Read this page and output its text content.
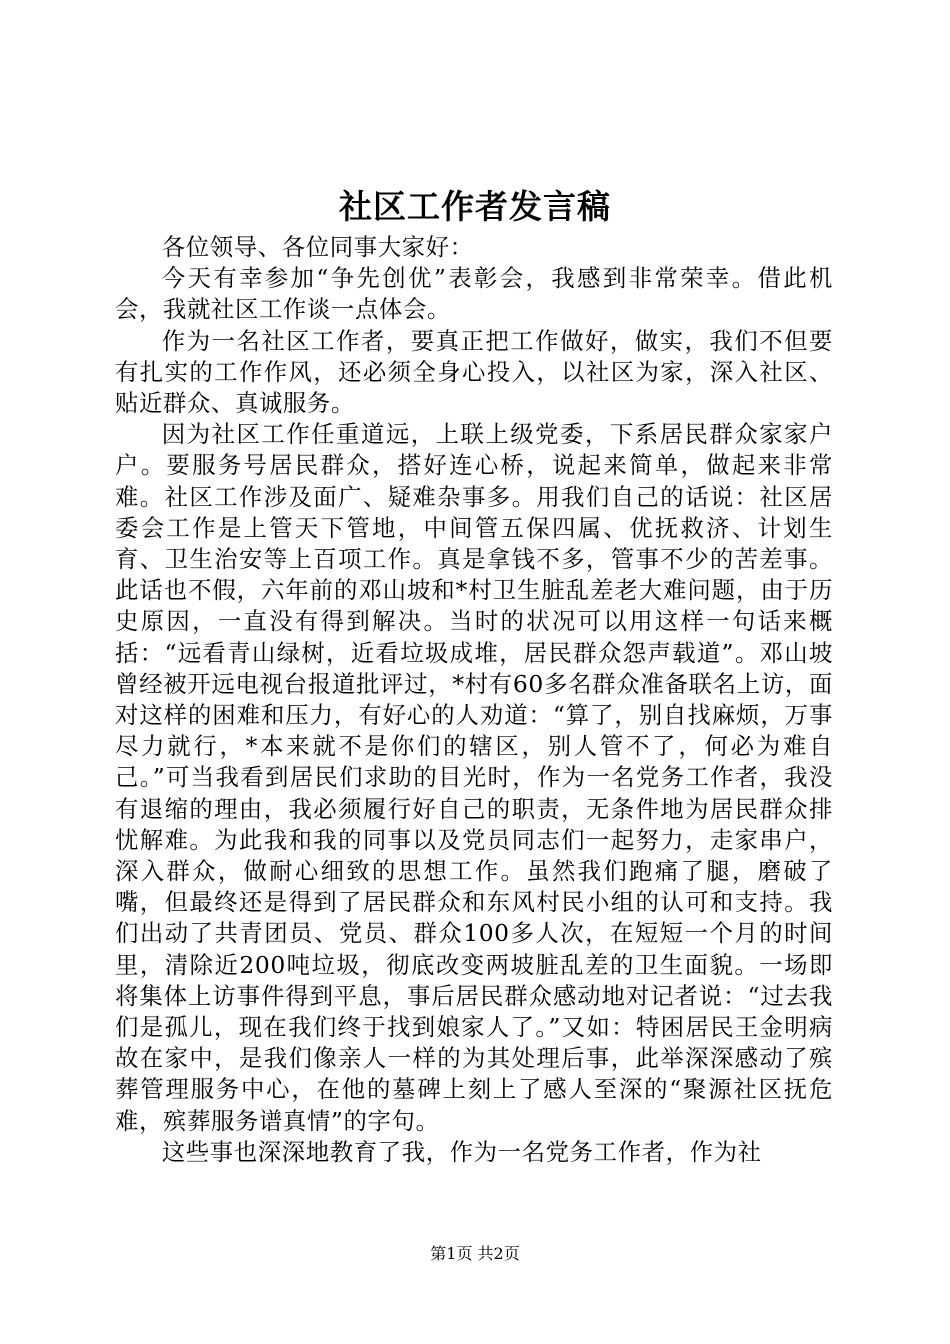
社区工作者发言稿

各位领导、各位同事大家好：

今天有幸参加“争先创优”表彰会，我感到非常荣幸。借此机会，我就社区工作谈一点体会。

作为一名社区工作者，要真正把工作做好，做实，我们不但要有扎实的工作作风，还必须全身心投入，以社区为家，深入社区、贴近群众、真诚服务。

因为社区工作任重道远，上联上级党委，下系居民群众家家户户。要服务号居民群众，搭好连心桥，说起来简单，做起来非常难。社区工作涉及面广、疑难杂事多。用我们自己的话说：社区居委会工作是上管天下管地，中间管五保四属、优抚救济、计划生育、卫生治安等上百项工作。真是拿钱不多，管事不少的苦差事。此话也不假，六年前的邓山坡和*村卫生脏乱差老大难问题，由于历史原因，一直没有得到解决。当时的状况可以用这样一句话来概括：“远看青山绿树，近看垃圾成堆，居民群众怨声载道”。邓山坡曾经被开远电视台报道批评过，*村有60多名群众准备联名上访，面对这样的困难和压力，有好心的人劝道：“算了，别自找麻烦，万事尽力就行，*本来就不是你们的辖区，别人管不了，何必为难自己。”可当我看到居民们求助的目光时，作为一名党务工作者，我没有退缩的理由，我必须履行好自己的职责，无条件地为居民群众排忧解难。为此我和我的同事以及党员同志们一起努力，走家串户，深入群众，做耐心细致的思想工作。虽然我们跑痛了腿，磨破了嘴，但最终还是得到了居民群众和东风村民小组的认可和支持。我们出动了共青团员、党员、群众100多人次，在短短一个月的时间里，清除近200吨垃圾，彻底改变两坡脏乱差的卫生面貌。一场即将集体上访事件得到平息，事后居民群众感动地对记者说：“过去我们是孤儿，现在我们终于找到娘家人了。”又如：特困居民王金明病故在家中，是我们像亲人一样的为其处理后事，此举深深感动了殡葬管理服务中心，在他的墓碑上刻上了感人至深的“聚源社区抚危难，殡葬服务谱真情”的字句。

这些事也深深地教育了我，作为一名党务工作者，作为社

第1页 共2页
